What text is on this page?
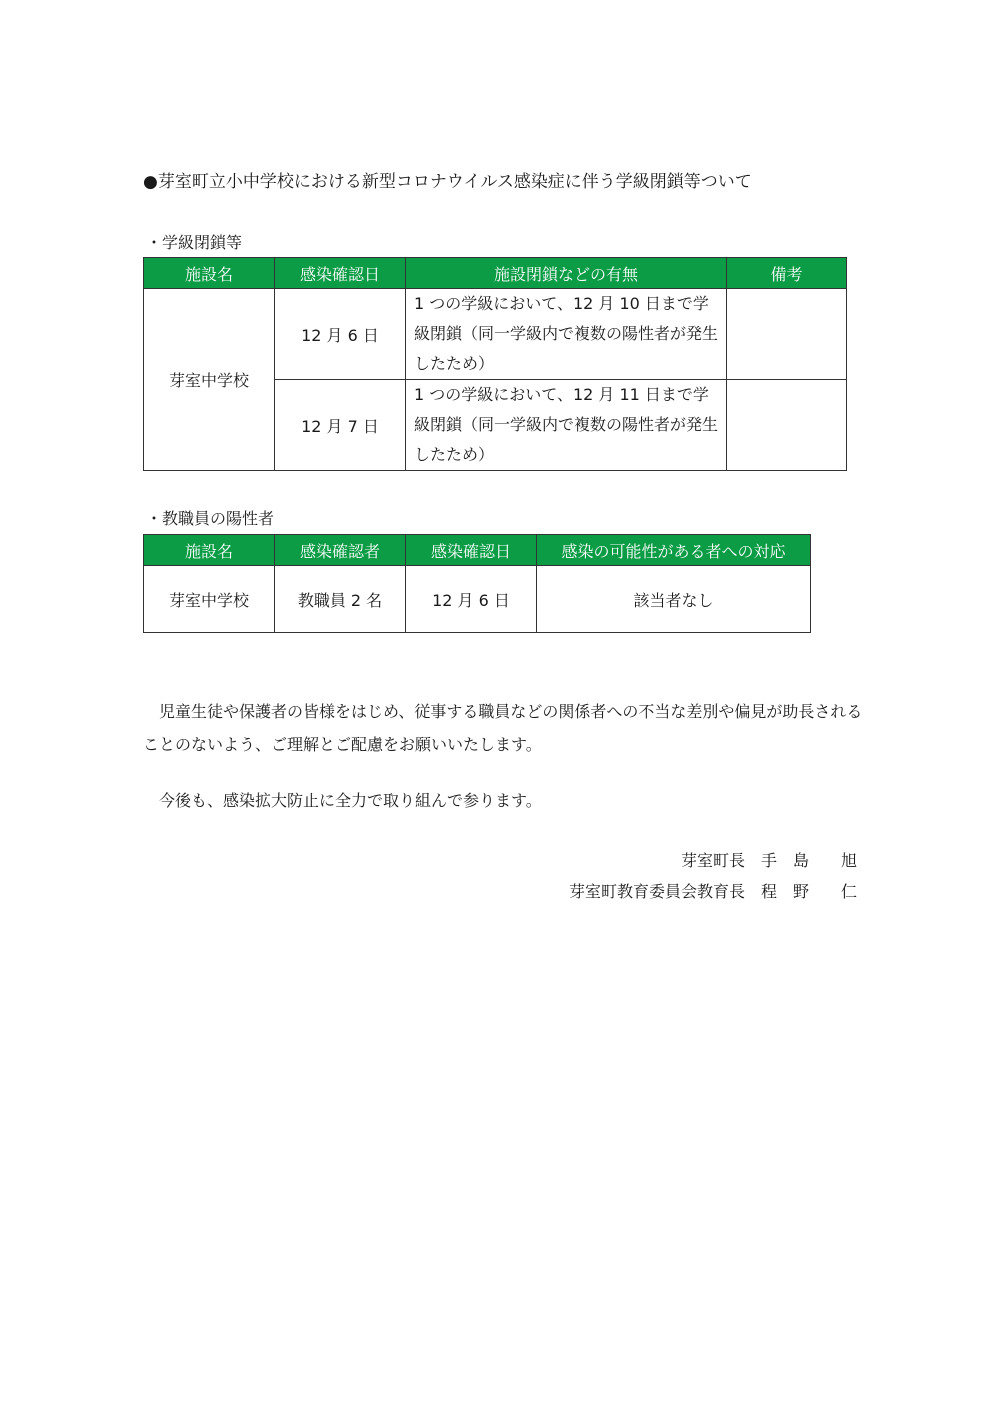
●芽室町立小中学校における新型コロナウイルス感染症に伴う学級閉鎖等ついて
・学級閉鎖等
施設名	感染確認日	施設閉鎖などの有無	備考
芽室中学校	12 月 6 日	1 つの学級において、12 月 10 日まで学級閉鎖（同一学級内で複数の陽性者が発生したため）	
	12 月 7 日	1 つの学級において、12 月 11 日まで学級閉鎖（同一学級内で複数の陽性者が発生したため）	
・教職員の陽性者
施設名	感染確認者	感染確認日	感染の可能性がある者への対応
芽室中学校	教職員 2 名	12 月 6 日	該当者なし
　児童生徒や保護者の皆様をはじめ、従事する職員などの関係者への不当な差別や偏見が助長されることのないよう、ご理解とご配慮をお願いいたします。
　今後も、感染拡大防止に全力で取り組んで参ります。
芽室町長　手　島　　旭
芽室町教育委員会教育長　程　野　　仁
